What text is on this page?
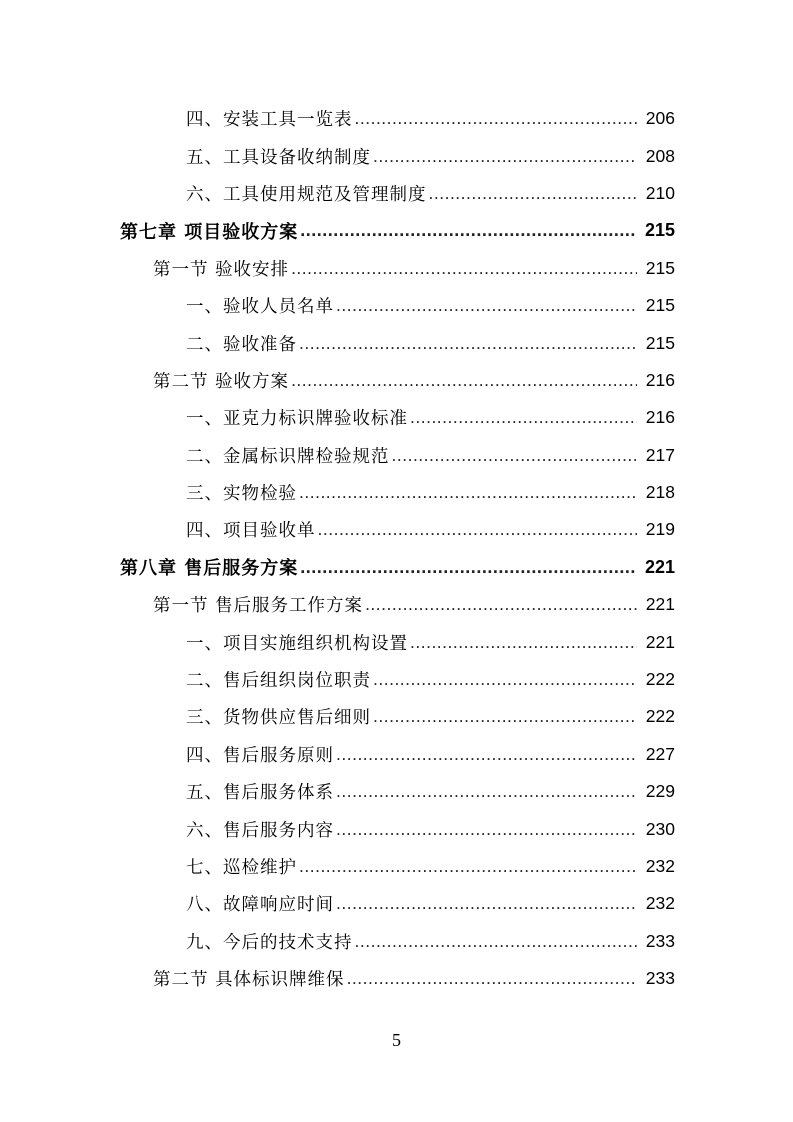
四、安装工具一览表 .....	206
五、工具设备收纳制度 .....	208
六、工具使用规范及管理制度 .....	210
第七章 项目验收方案 .....	215
第一节 验收安排 .....	215
一、验收人员名单 .....	215
二、验收准备 .....	215
第二节 验收方案 .....	216
一、亚克力标识牌验收标准 .....	216
二、金属标识牌检验规范 .....	217
三、实物检验 .....	218
四、项目验收单 .....	219
第八章 售后服务方案 .....	221
第一节 售后服务工作方案 .....	221
一、项目实施组织机构设置 .....	221
二、售后组织岗位职责 .....	222
三、货物供应售后细则 .....	222
四、售后服务原则 .....	227
五、售后服务体系 .....	229
六、售后服务内容 .....	230
七、巡检维护 .....	232
八、故障响应时间 .....	232
九、今后的技术支持 .....	233
第二节 具体标识牌维保 .....	233
5
